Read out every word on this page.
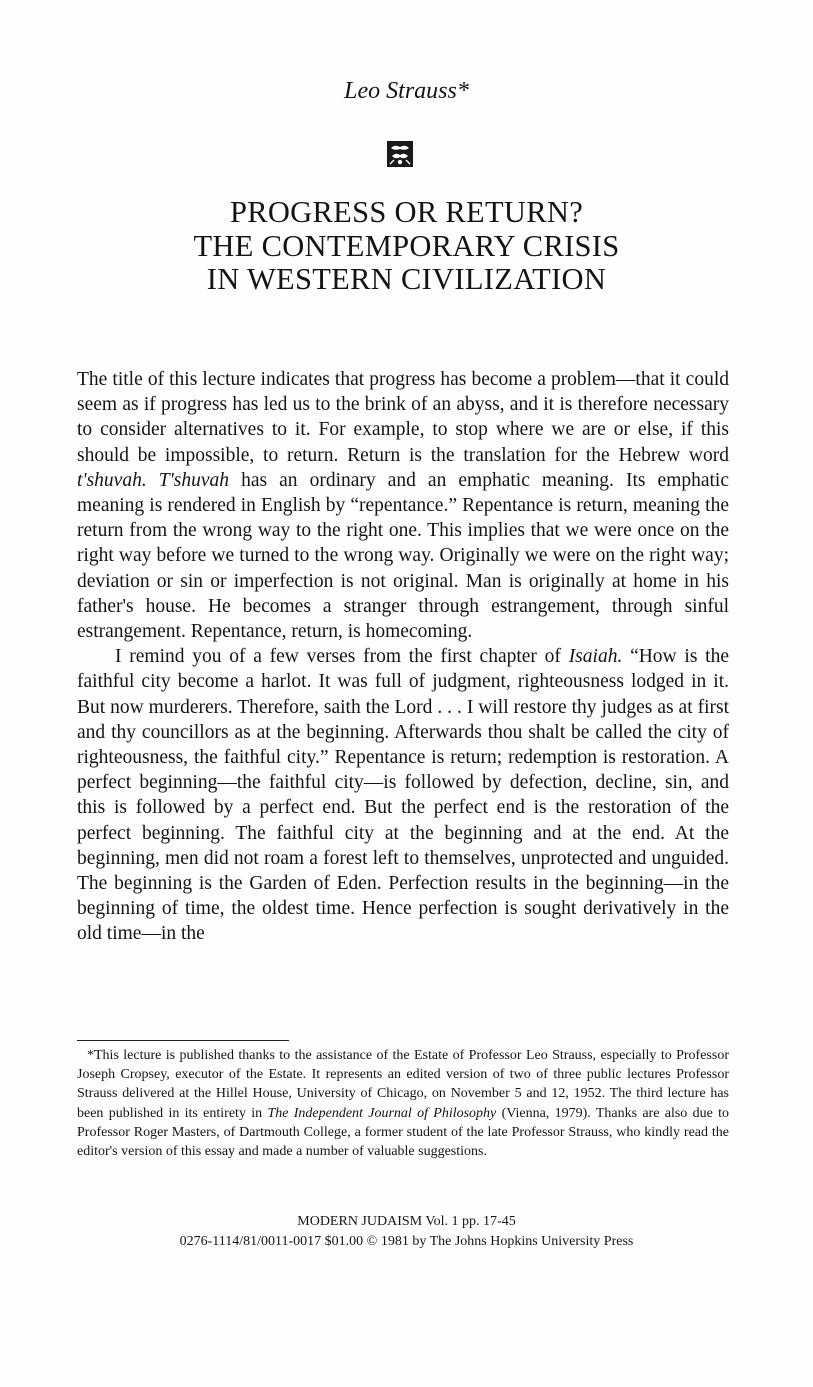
Leo Strauss*
PROGRESS OR RETURN?
THE CONTEMPORARY CRISIS
IN WESTERN CIVILIZATION

The title of this lecture indicates that progress has become a problem—that it could seem as if progress has led us to the brink of an abyss, and it is therefore necessary to consider alternatives to it. For example, to stop where we are or else, if this should be impossible, to return. Return is the translation for the Hebrew word t'shuvah. T'shuvah has an ordinary and an emphatic meaning. Its emphatic meaning is rendered in English by “repentance.” Repentance is return, meaning the return from the wrong way to the right one. This implies that we were once on the right way before we turned to the wrong way. Originally we were on the right way; deviation or sin or imperfection is not original. Man is originally at home in his father's house. He becomes a stranger through estrangement, through sinful estrangement. Repentance, return, is homecoming.

I remind you of a few verses from the first chapter of Isaiah. “How is the faithful city become a harlot. It was full of judgment, righteousness lodged in it. But now murderers. Therefore, saith the Lord . . . I will restore thy judges as at first and thy councillors as at the beginning. Afterwards thou shalt be called the city of righteousness, the faithful city.” Repentance is return; redemption is restoration. A perfect beginning—the faithful city—is followed by defection, decline, sin, and this is followed by a perfect end. But the perfect end is the restoration of the perfect beginning. The faithful city at the beginning and at the end. At the beginning, men did not roam a forest left to themselves, unprotected and unguided. The beginning is the Garden of Eden. Perfection results in the beginning—in the beginning of time, the oldest time. Hence perfection is sought derivatively in the old time—in the

*This lecture is published thanks to the assistance of the Estate of Professor Leo Strauss, especially to Professor Joseph Cropsey, executor of the Estate. It represents an edited version of two of three public lectures Professor Strauss delivered at the Hillel House, University of Chicago, on November 5 and 12, 1952. The third lecture has been published in its entirety in The Independent Journal of Philosophy (Vienna, 1979). Thanks are also due to Professor Roger Masters, of Dartmouth College, a former student of the late Professor Strauss, who kindly read the editor's version of this essay and made a number of valuable suggestions.
MODERN JUDAISM Vol. 1 pp. 17-45
0276-1114/81/0011-0017 $01.00 © 1981 by The Johns Hopkins University Press
